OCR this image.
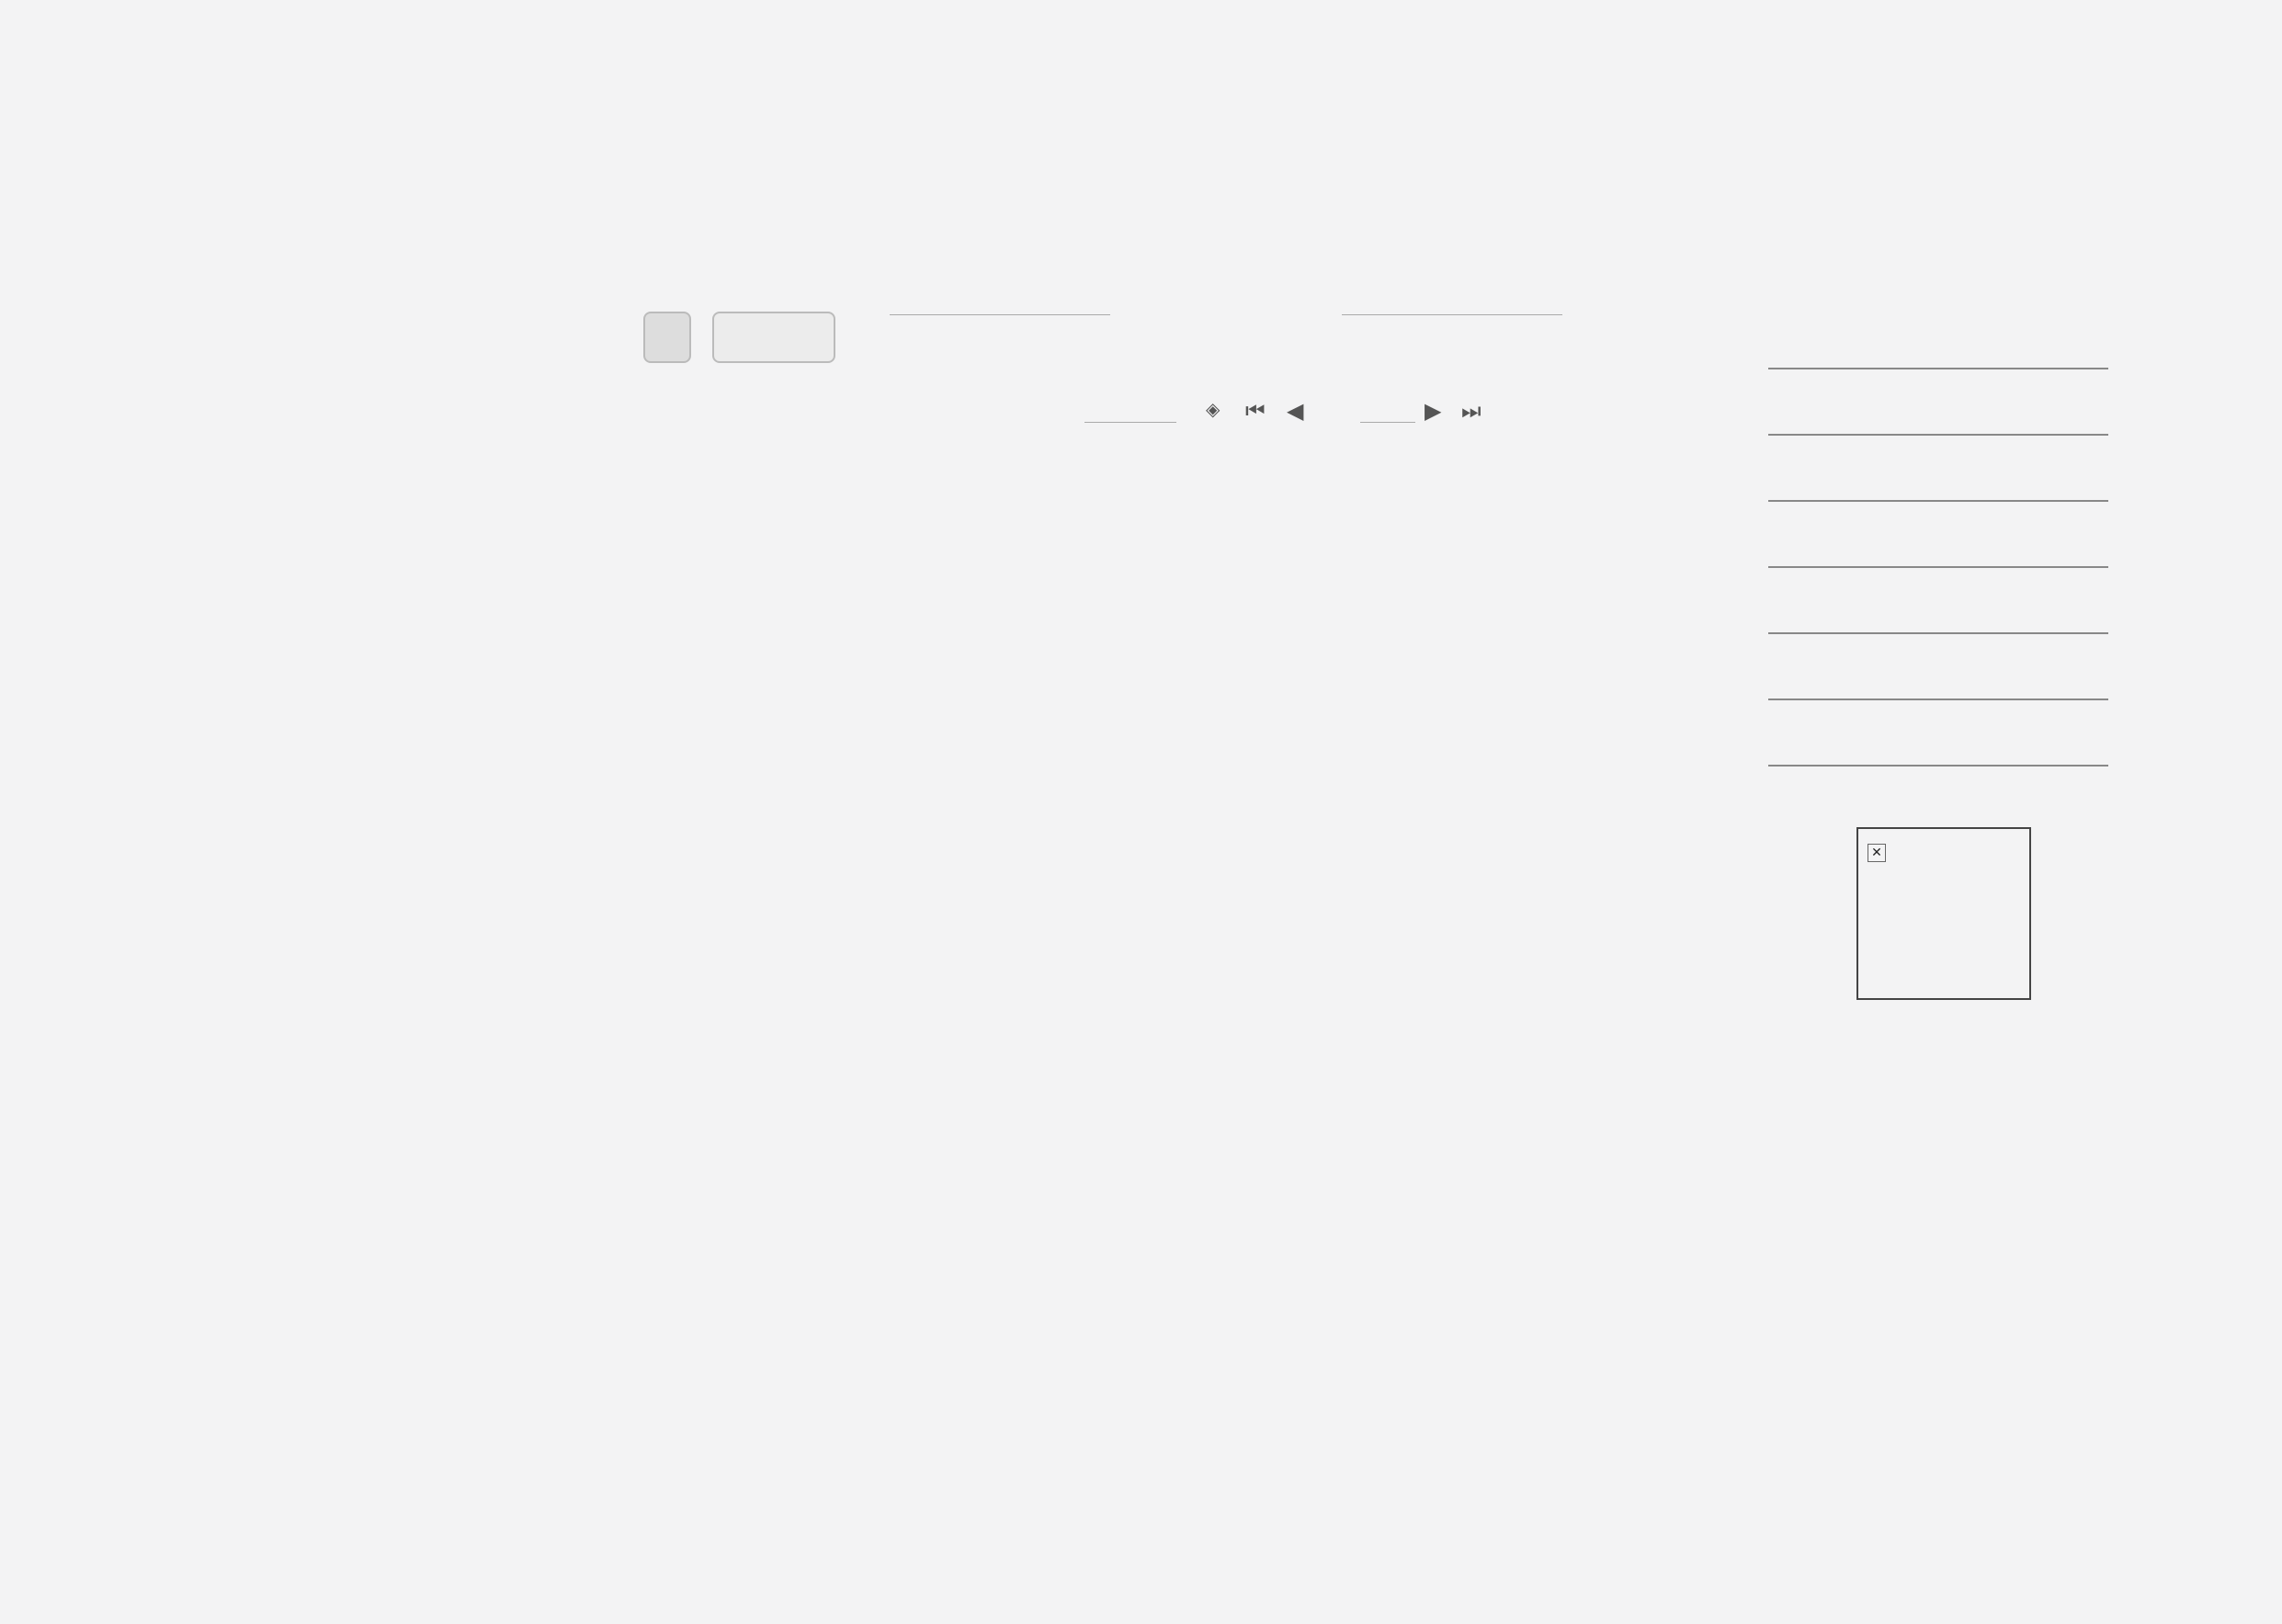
✕
⏭
▶
◀
⏮
◈
